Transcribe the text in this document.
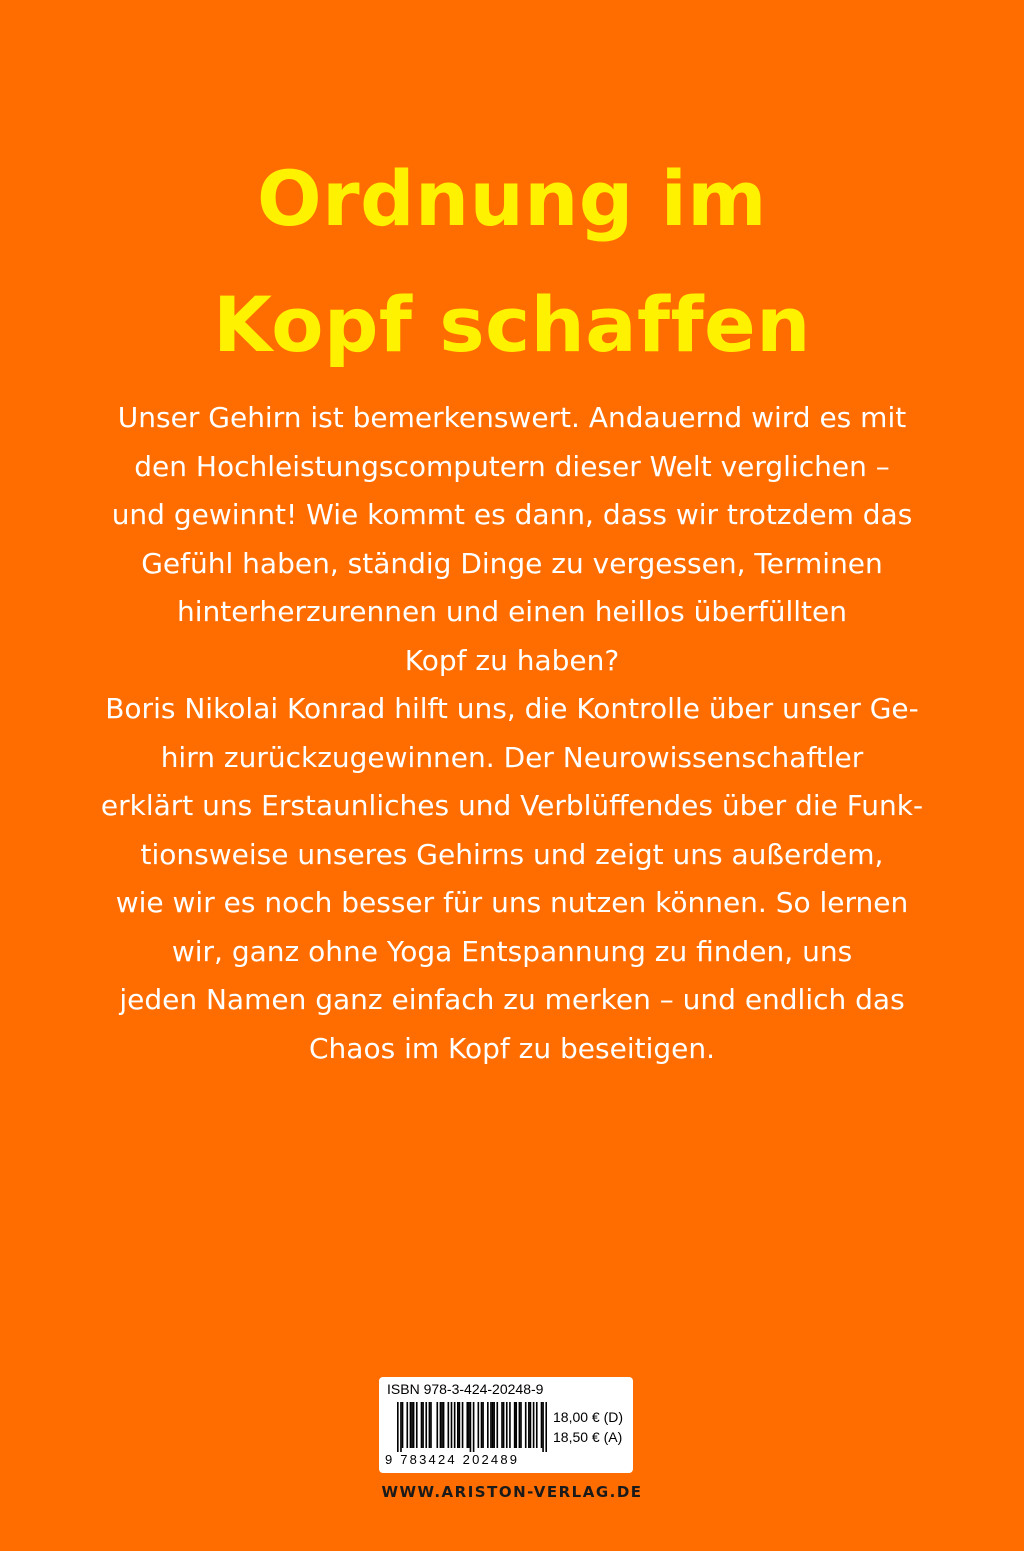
Ordnung im
Kopf schaffen
Unser Gehirn ist bemerkenswert. Andauernd wird es mit
den Hochleistungscomputern dieser Welt verglichen –
und gewinnt! Wie kommt es dann, dass wir trotzdem das
Gefühl haben, ständig Dinge zu vergessen, Terminen
hinterherzurennen und einen heillos überfüllten
Kopf zu haben?
Boris Nikolai Konrad hilft uns, die Kontrolle über unser Ge-
hirn zurückzugewinnen. Der Neurowissenschaftler
erklärt uns Erstaunliches und Verblüffendes über die Funk-
tionsweise unseres Gehirns und zeigt uns außerdem,
wie wir es noch besser für uns nutzen können. So lernen
wir, ganz ohne Yoga Entspannung zu finden, uns
jeden Namen ganz einfach zu merken – und endlich das
Chaos im Kopf zu beseitigen.
ISBN 978-3-424-20248-9
9 783424 202489
18,00 € (D)
18,50 € (A)
WWW.ARISTON-VERLAG.DE
